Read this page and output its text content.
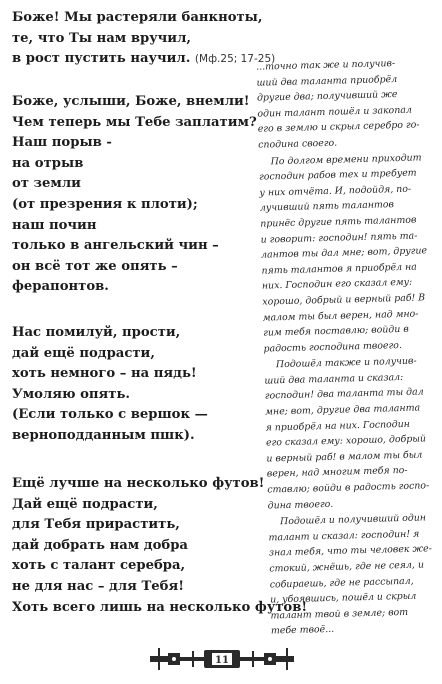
Боже! Мы растеряли банкноты,
те, что Ты нам вручил,
в рост пустить научил. (Мф.25; 17-25)
Боже, услыши, Боже, внемли!
Чем теперь мы Тебе заплатим?
Наш порыв -
на отрыв
от земли
(от презрения к плоти);
наш почин
только в ангельский чин –
он всё тот же опять –
ферапонтов.
Нас помилуй, прости,
дай ещё подрасти,
хоть немного – на пядь!
Умоляю опять.
(Если только с вершок —
верноподданным пшк).
Ещё лучше на несколько футов!
Дай ещё подрасти,
для Тебя прирастить,
дай добрать нам добра
хоть с талант серебра,
не для нас – для Тебя!
Хоть всего лишь на несколько футов!

...точно так же и получив-
ший два таланта приобрёл
другие два; получивший же
один талант пошёл и закопал
его в землю и скрыл серебро го-
сподина своего.

По долгом времени приходит
господин рабов тех и требует
у них отчёта. И, подойдя, по-
лучивший пять талантов
принёс другие пять талантов
и говорит: господин! пять та-
лантов ты дал мне; вот, другие
пять талантов я приобрёл на
них. Господин его сказал ему:
хорошо, добрый и верный раб! В
малом ты был верен, над мно-
гим тебя поставлю; войди в
радость господина твоего.

Подошёл также и получив-
ший два таланта и сказал:
господин! два таланта ты дал
мне; вот, другие два таланта
я приобрёл на них. Господин
его сказал ему: хорошо, добрый
и верный раб! в малом ты был
верен, над многим тебя по-
ставлю; войди в радость госпо-
дина твоего.

Подошёл и получивший один
талант и сказал: господин! я
знал тебя, что ты человек же-
стокий, жнёшь, где не сеял, и
собираешь, где не рассыпал,
и, убоявшись, пошёл и скрыл
талант твой в земле; вот
тебе твоё...

11
